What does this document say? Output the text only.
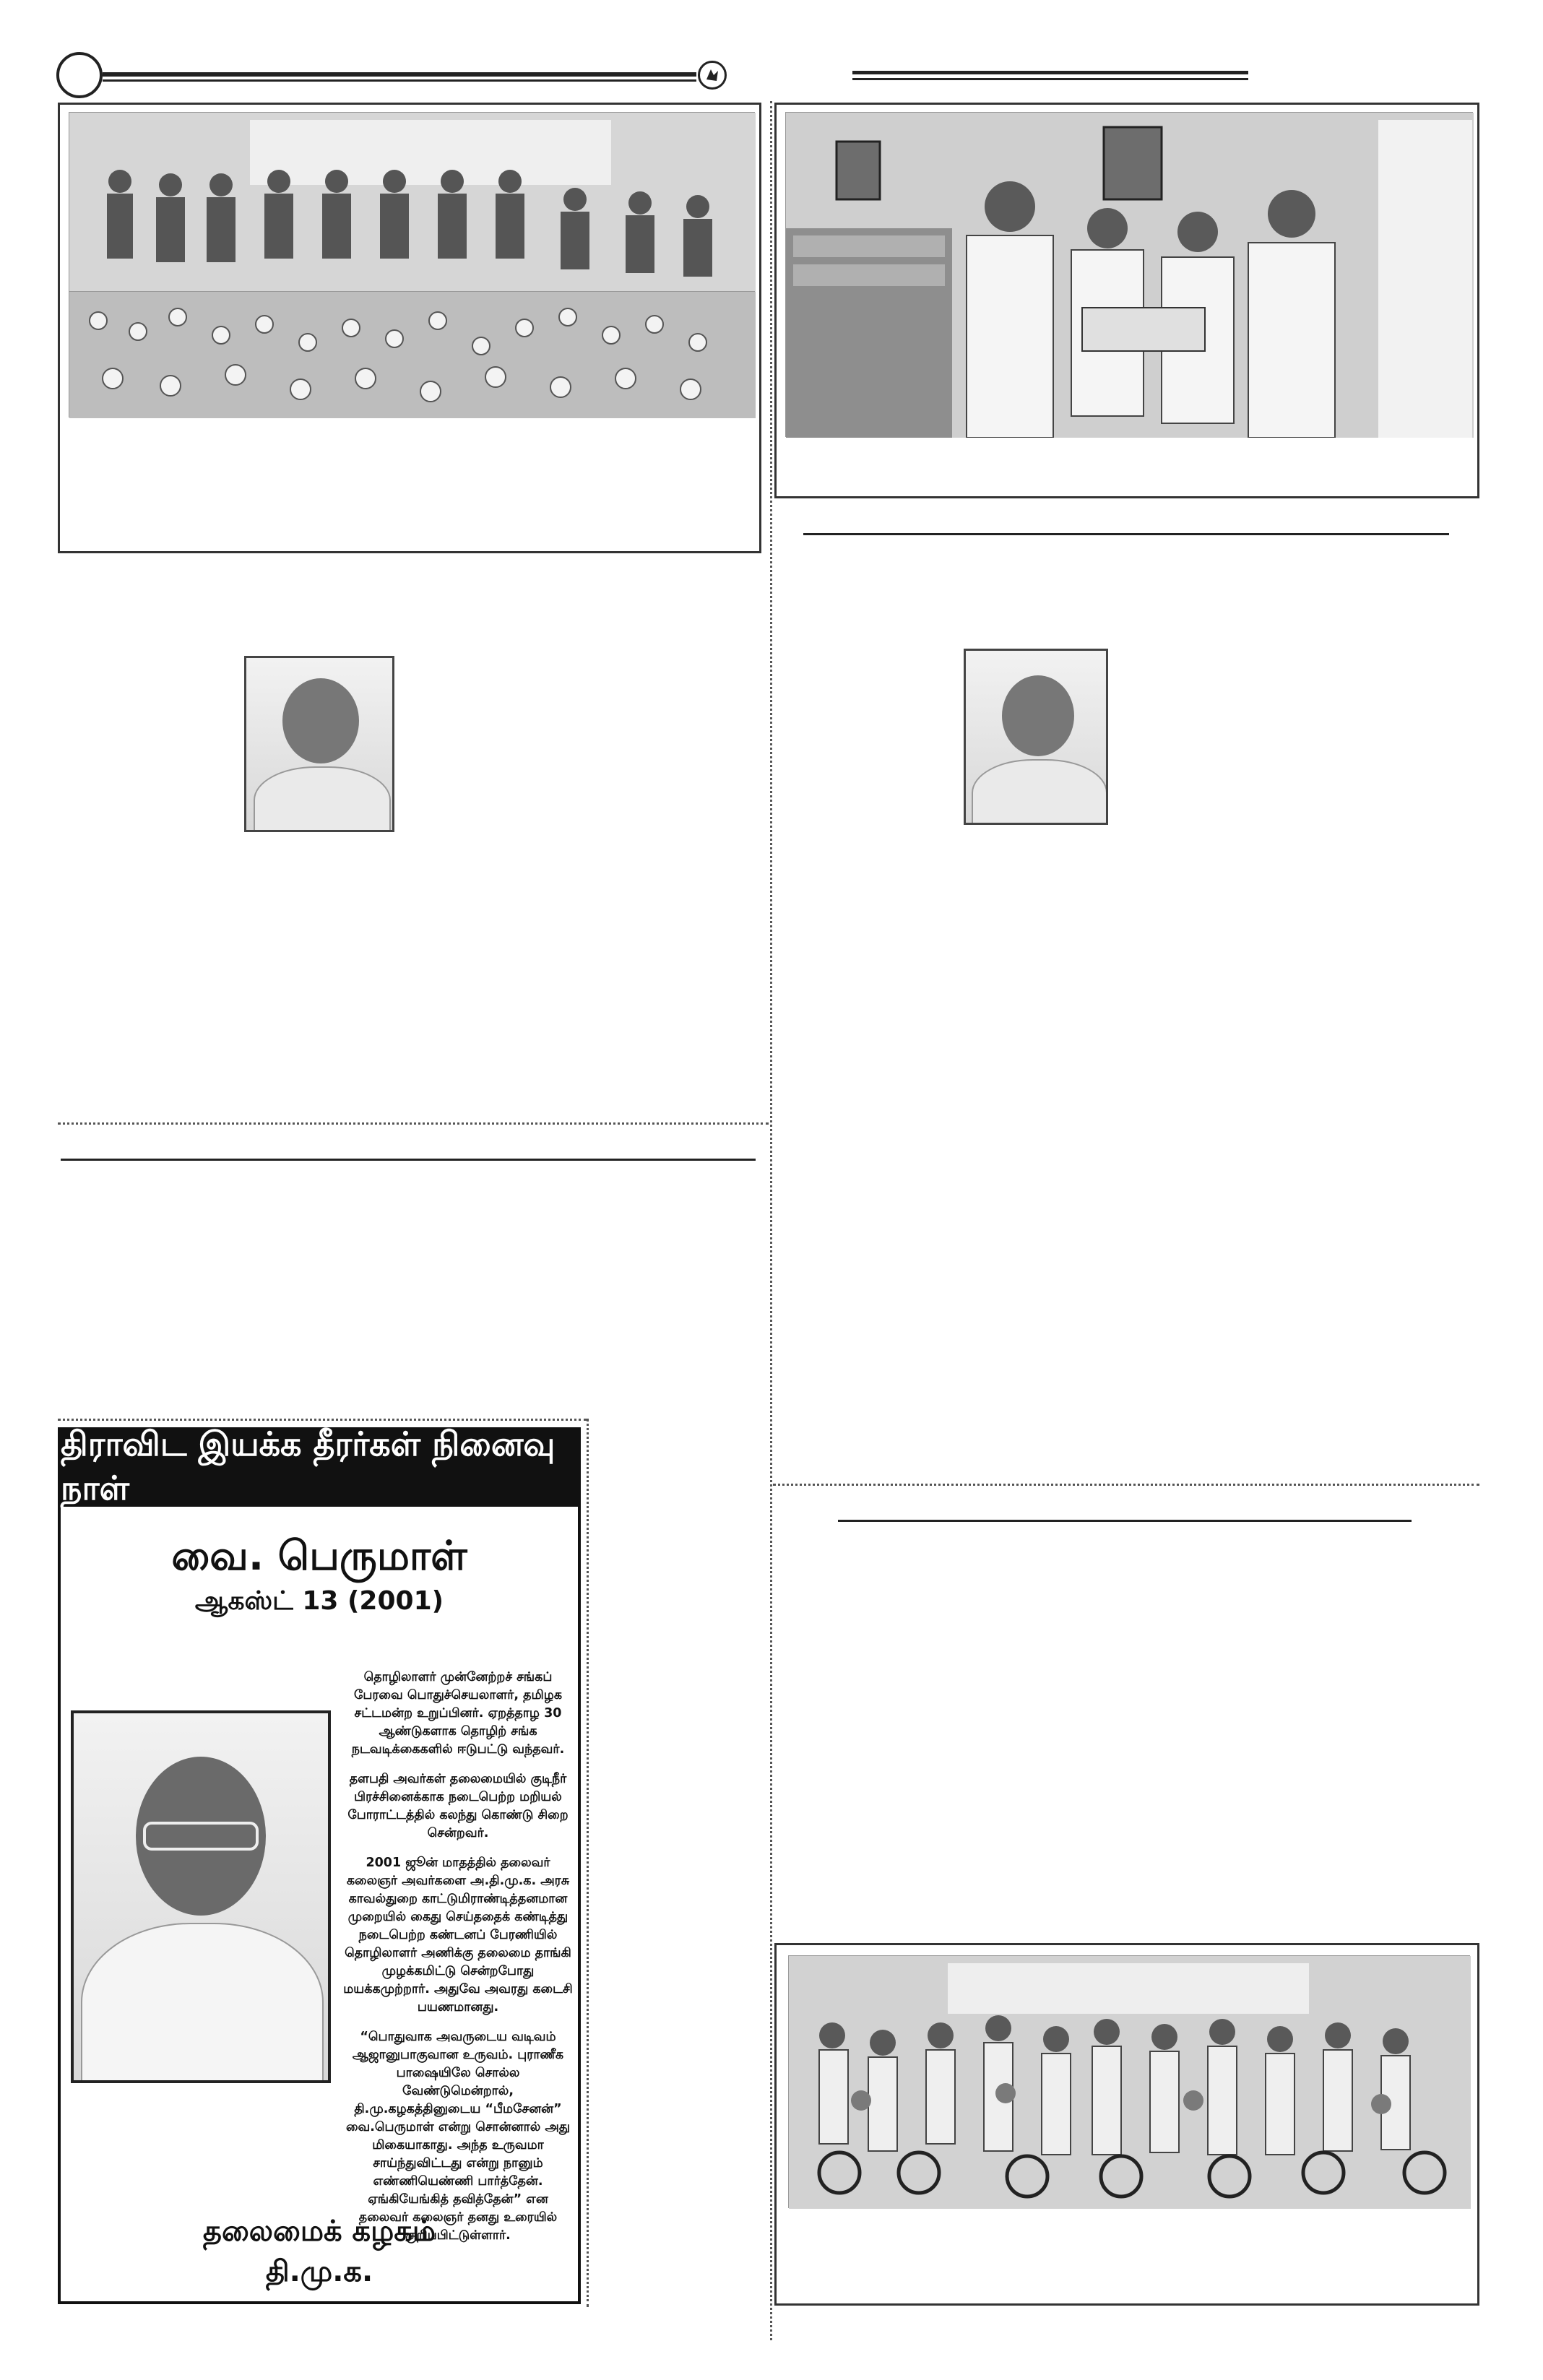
திராவிட இயக்க தீரர்கள் நினைவு நாள்
வை. பெருமாள்
ஆகஸ்ட் 13 (2001)

தொழிலாளர் முன்னேற்றச் சங்கப் பேரவை பொதுச்செயலாளர், தமிழக சட்டமன்ற உறுப்பினர். ஏறத்தாழ 30 ஆண்டுகளாக தொழிற் சங்க நடவடிக்கைகளில் ஈடுபட்டு வந்தவர்.

தளபதி அவர்கள் தலைமையில் குடிநீர் பிரச்சினைக்காக நடைபெற்ற மறியல் போராட்டத்தில் கலந்து கொண்டு சிறை சென்றவர்.

2001 ஜூன் மாதத்தில் தலைவர் கலைஞர் அவர்களை அ.தி.மு.க. அரசு காவல்துறை காட்டுமிராண்டித்தனமான முறையில் கைது செய்ததைக் கண்டித்து நடைபெற்ற கண்டனப் பேரணியில் தொழிலாளர் அணிக்கு தலைமை தாங்கி முழக்கமிட்டு சென்றபோது மயக்கமுற்றார். அதுவே அவரது கடைசி பயணமானது.

“பொதுவாக அவருடைய வடிவம் ஆஜானுபாகுவான உருவம். புராணீக பாஷையிலே சொல்ல வேண்டுமென்றால், தி.மு.கழகத்தினுடைய “பீமசேனன்” வை.பெருமாள் என்று சொன்னால் அது மிகையாகாது. அந்த உருவமா சாய்ந்துவிட்டது என்று நானும் எண்ணியெண்ணி பார்த்தேன். ஏங்கியேங்கித் தவித்தேன்” என தலைவர் கலைஞர் தனது உரையில் குறிப்பிட்டுள்ளார்.

தலைமைக் கழகம்
தி.மு.க.
